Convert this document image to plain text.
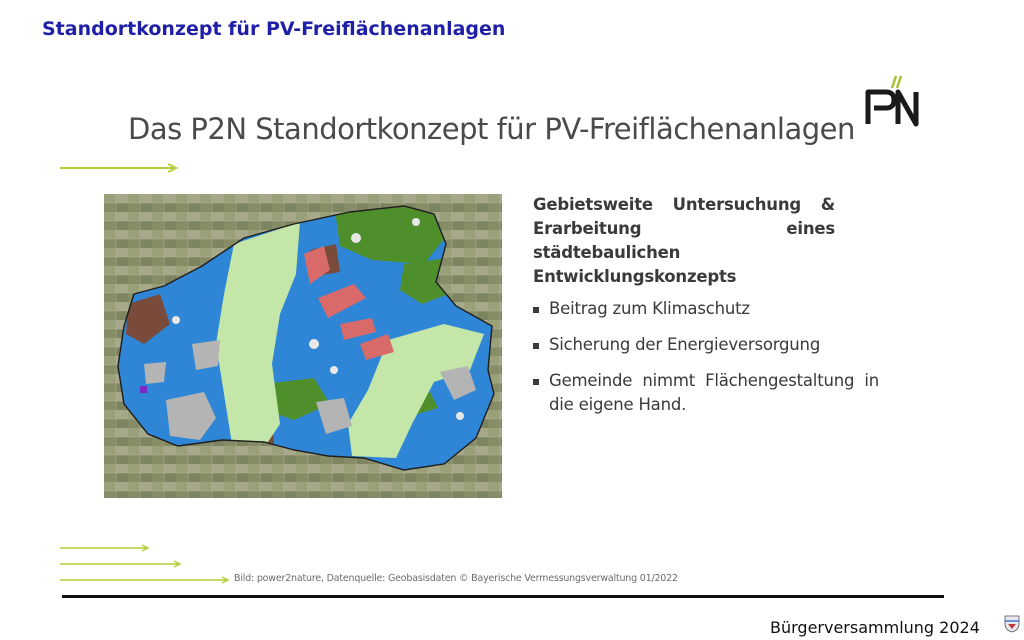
Standortkonzept für PV-Freiflächenanlagen
Das P2N Standortkonzept für PV-Freiflächenanlagen
Gebietsweite Untersuchung & Erarbeitung eines städtebaulichen Entwicklungskonzepts
Beitrag zum Klimaschutz
Sicherung der Energieversorgung
Gemeinde nimmt Flächengestaltung in die eigene Hand.
Bild: power2nature, Datenquelle: Geobasisdaten © Bayerische Vermessungsverwaltung 01/2022
Bürgerversammlung 2024
